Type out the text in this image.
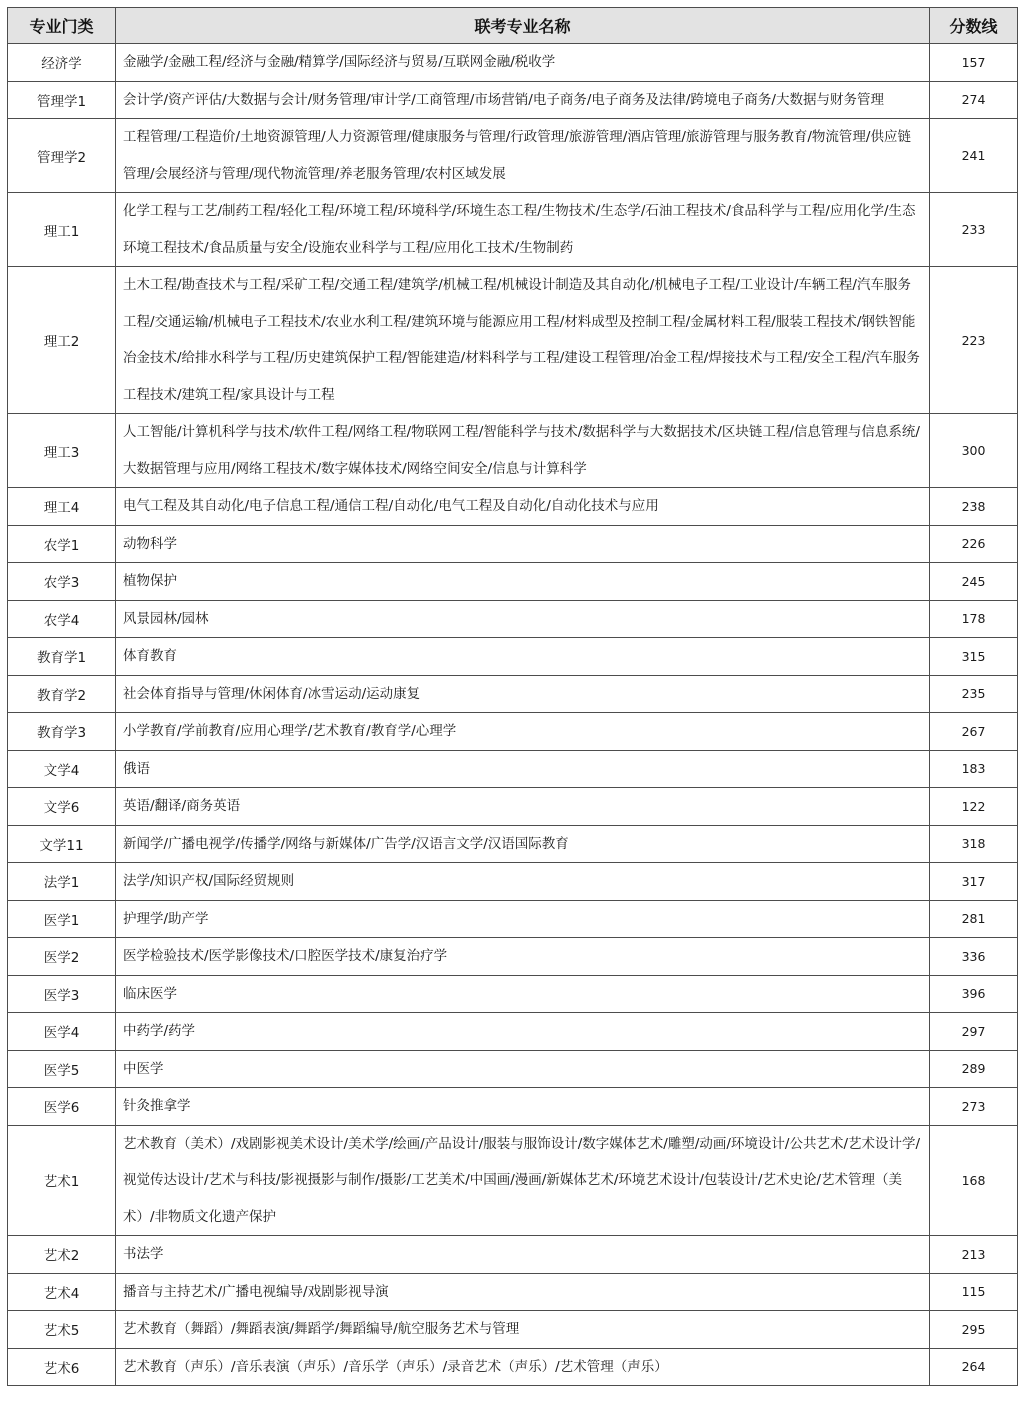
专业门类	联考专业名称	分数线
经济学	金融学/金融工程/经济与金融/精算学/国际经济与贸易/互联网金融/税收学	157
管理学1	会计学/资产评估/大数据与会计/财务管理/审计学/工商管理/市场营销/电子商务/电子商务及法律/跨境电子商务/大数据与财务管理	274
管理学2	工程管理/工程造价/土地资源管理/人力资源管理/健康服务与管理/行政管理/旅游管理/酒店管理/旅游管理与服务教育/物流管理/供应链管理/会展经济与管理/现代物流管理/养老服务管理/农村区域发展	241
理工1	化学工程与工艺/制药工程/轻化工程/环境工程/环境科学/环境生态工程/生物技术/生态学/石油工程技术/食品科学与工程/应用化学/生态环境工程技术/食品质量与安全/设施农业科学与工程/应用化工技术/生物制药	233
理工2	土木工程/勘查技术与工程/采矿工程/交通工程/建筑学/机械工程/机械设计制造及其自动化/机械电子工程/工业设计/车辆工程/汽车服务工程/交通运输/机械电子工程技术/农业水利工程/建筑环境与能源应用工程/材料成型及控制工程/金属材料工程/服装工程技术/钢铁智能冶金技术/给排水科学与工程/历史建筑保护工程/智能建造/材料科学与工程/建设工程管理/冶金工程/焊接技术与工程/安全工程/汽车服务工程技术/建筑工程/家具设计与工程	223
理工3	人工智能/计算机科学与技术/软件工程/网络工程/物联网工程/智能科学与技术/数据科学与大数据技术/区块链工程/信息管理与信息系统/大数据管理与应用/网络工程技术/数字媒体技术/网络空间安全/信息与计算科学	300
理工4	电气工程及其自动化/电子信息工程/通信工程/自动化/电气工程及自动化/自动化技术与应用	238
农学1	动物科学	226
农学3	植物保护	245
农学4	风景园林/园林	178
教育学1	体育教育	315
教育学2	社会体育指导与管理/休闲体育/冰雪运动/运动康复	235
教育学3	小学教育/学前教育/应用心理学/艺术教育/教育学/心理学	267
文学4	俄语	183
文学6	英语/翻译/商务英语	122
文学11	新闻学/广播电视学/传播学/网络与新媒体/广告学/汉语言文学/汉语国际教育	318
法学1	法学/知识产权/国际经贸规则	317
医学1	护理学/助产学	281
医学2	医学检验技术/医学影像技术/口腔医学技术/康复治疗学	336
医学3	临床医学	396
医学4	中药学/药学	297
医学5	中医学	289
医学6	针灸推拿学	273
艺术1	艺术教育（美术）/戏剧影视美术设计/美术学/绘画/产品设计/服装与服饰设计/数字媒体艺术/雕塑/动画/环境设计/公共艺术/艺术设计学/视觉传达设计/艺术与科技/影视摄影与制作/摄影/工艺美术/中国画/漫画/新媒体艺术/环境艺术设计/包装设计/艺术史论/艺术管理（美术）/非物质文化遗产保护	168
艺术2	书法学	213
艺术4	播音与主持艺术/广播电视编导/戏剧影视导演	115
艺术5	艺术教育（舞蹈）/舞蹈表演/舞蹈学/舞蹈编导/航空服务艺术与管理	295
艺术6	艺术教育（声乐）/音乐表演（声乐）/音乐学（声乐）/录音艺术（声乐）/艺术管理（声乐）	264
